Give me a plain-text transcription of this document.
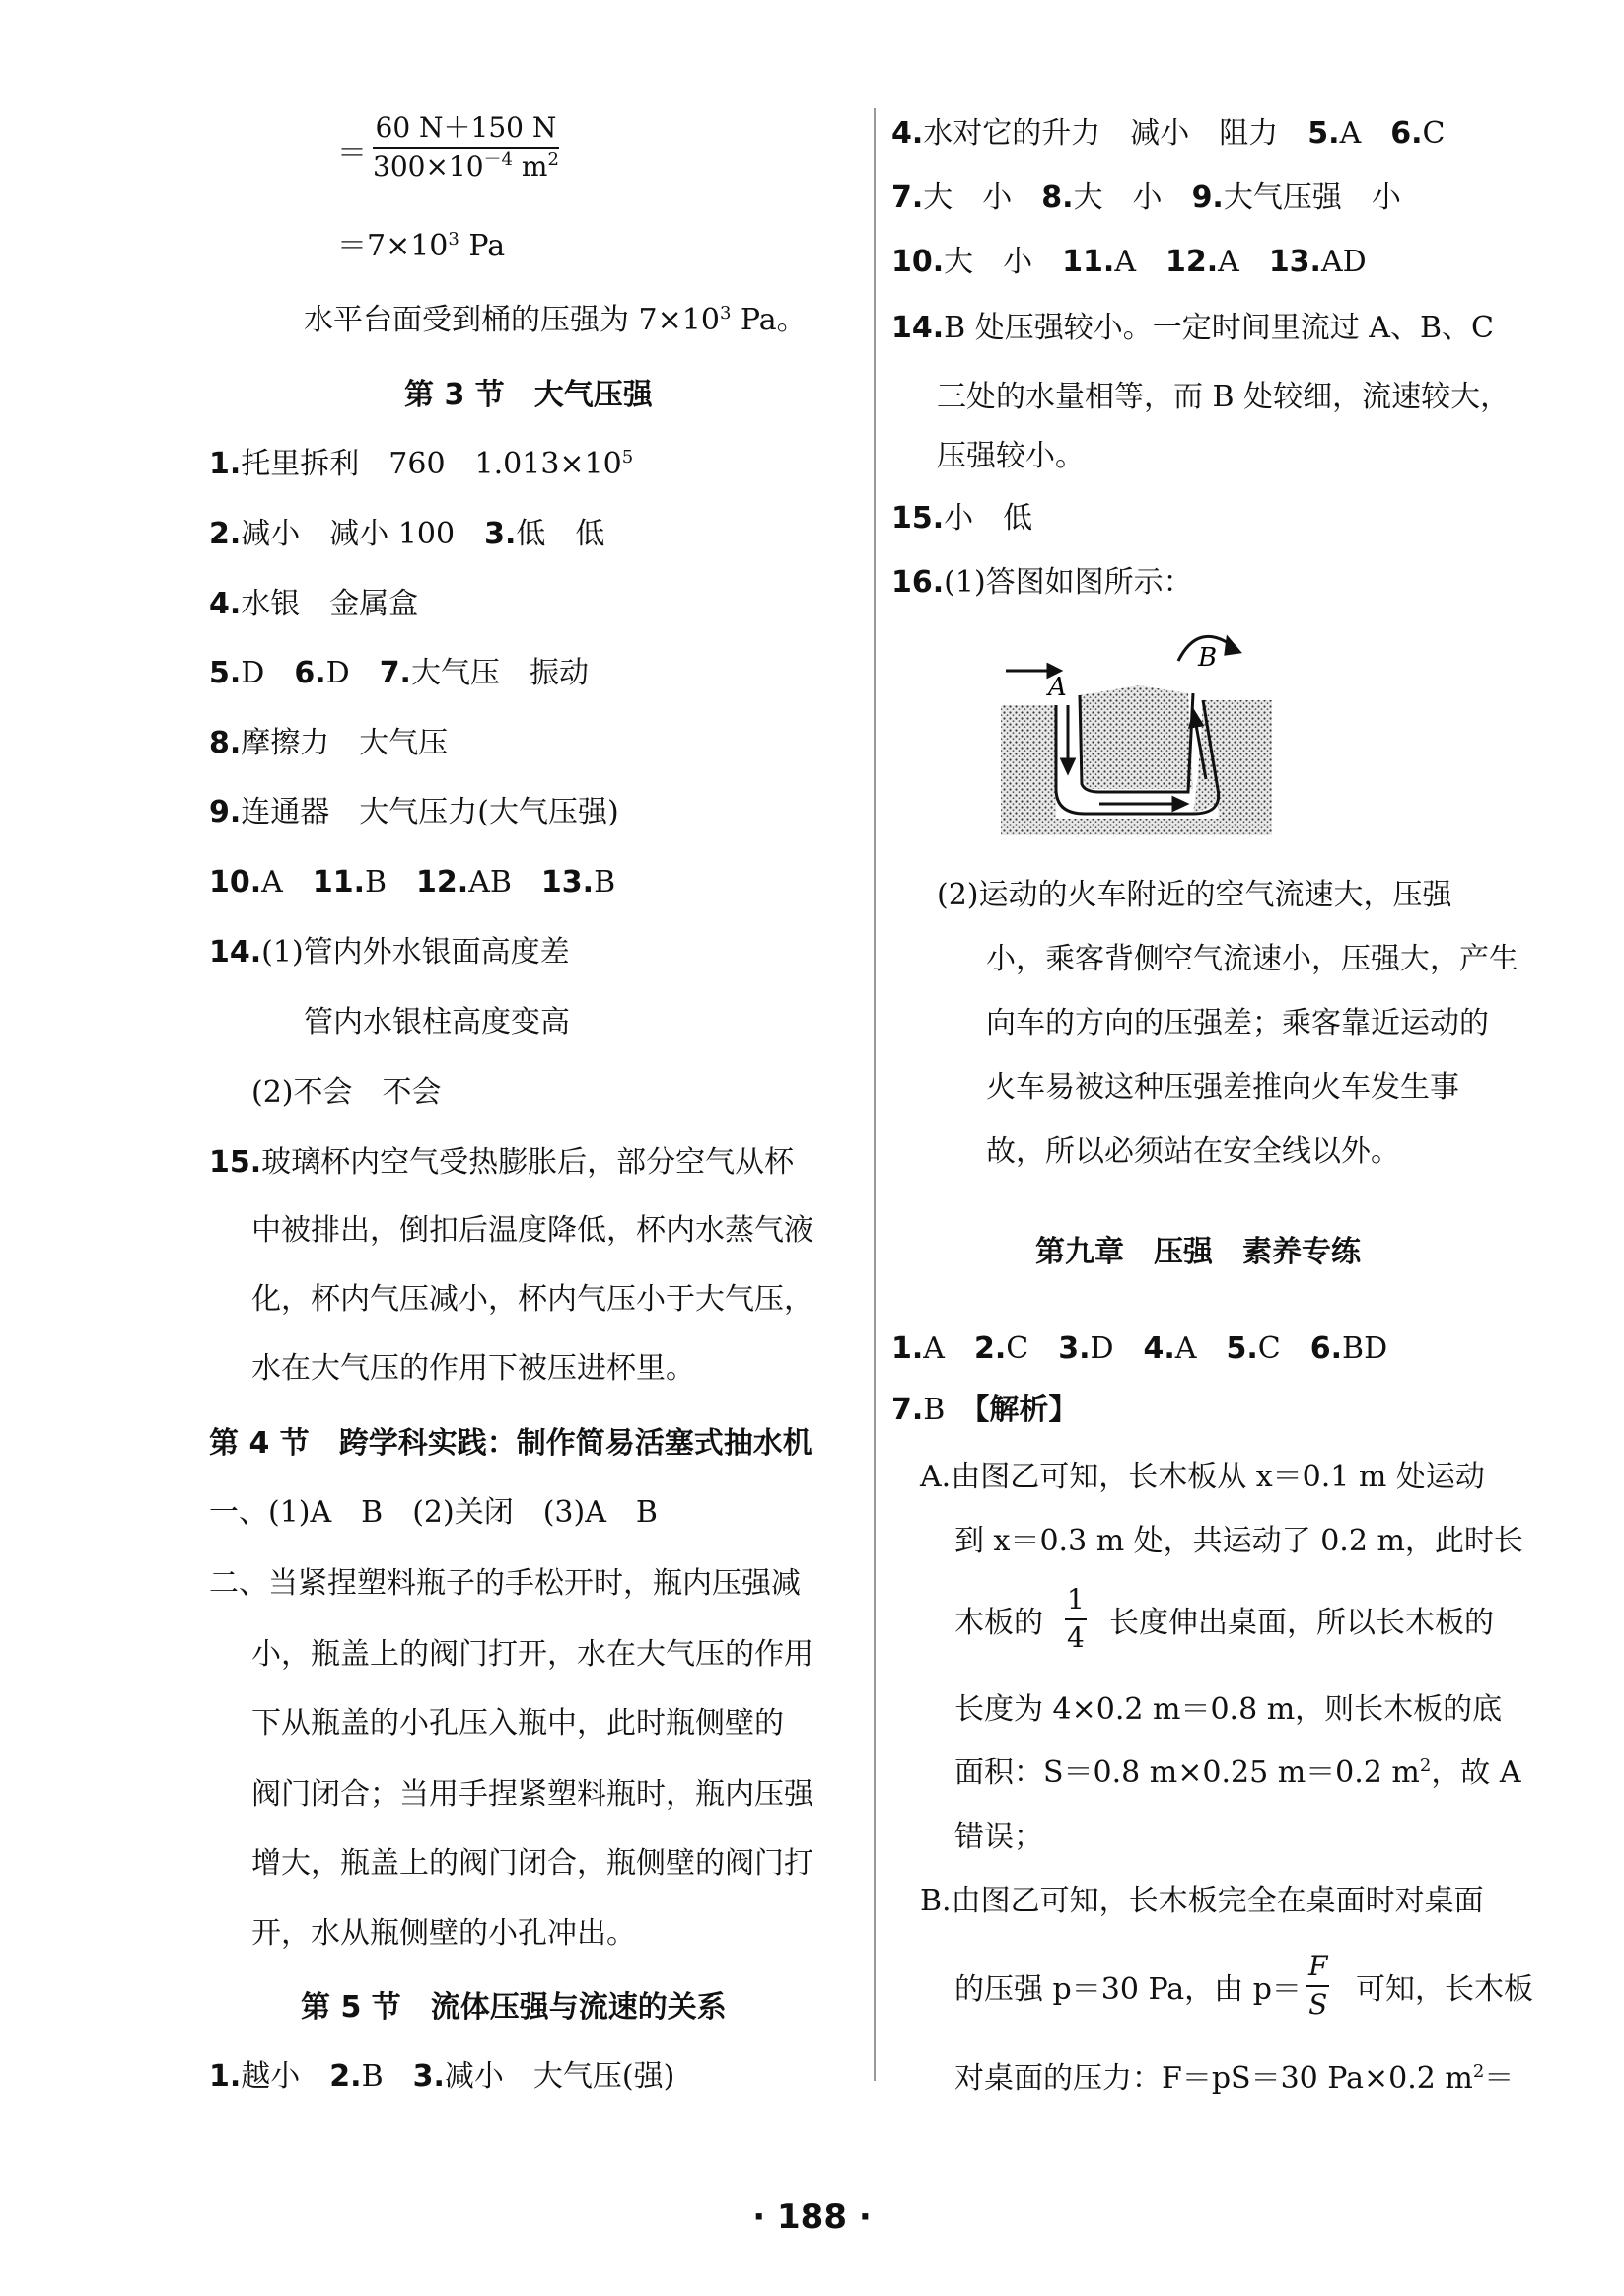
＝ $\frac{60 N+150 N}{300\times 10^{-4} m^2}$
$=7\times 10^3$ Pa
水平台面受到桶的压强为 $7\times 10^3$ Pa。
第 3 节　大气压强
1.托里拆利　760　$1.013\times 10^5$
2.减小　减小 100　 3.低　低
4.水银　金属盒
5.D　 6.D　 7.大气压　振动
8.摩擦力　大气压
9.连通器　大气压力(大气压强)
10.A　 11.B　 12.AB　 13.B
14.(1)管内外水银面高度差
管内水银柱高度变高
(2)不会　不会
15.玻璃杯内空气受热膨胀后，部分空气从杯
中被排出，倒扣后温度降低，杯内水蒸气液
化，杯内气压减小，杯内气压小于大气压，
水在大气压的作用下被压进杯里。
第 4 节　跨学科实践：制作简易活塞式抽水机
一、(1)A　B　(2)关闭　(3)A　B
二、当紧捏塑料瓶子的手松开时，瓶内压强减
小，瓶盖上的阀门打开，水在大气压的作用
下从瓶盖的小孔压入瓶中，此时瓶侧壁的
阀门闭合；当用手捏紧塑料瓶时，瓶内压强
增大，瓶盖上的阀门闭合，瓶侧壁的阀门打
开，水从瓶侧壁的小孔冲出。
第 5 节　流体压强与流速的关系
1.越小　 2.B　 3.减小　大气压(强)
4.水对它的升力　减小　阻力　 5.A　 6.C
7.大　小　 8.大　小　 9.大气压强　小
10.大　小　 11.A　 12.A　 13.AD
14.B 处压强较小。一定时间里流过 A、B、C
三处的水量相等，而 B 处较细，流速较大，
压强较小。
15.小　低
16.(1)答图如图所示：
A
B
(2)运动的火车附近的空气流速大，压强
小，乘客背侧空气流速小，压强大，产生
向车的方向的压强差；乘客靠近运动的
火车易被这种压强差推向火车发生事
故，所以必须站在安全线以外。
第九章　压强　素养专练
1.A　 2.C　 3.D　 4.A　 5.C　 6.BD
7.B　 【解析】
A.由图乙可知，长木板从 x＝0.1 m 处运动
到 x＝0.3 m 处，共运动了 0.2 m，此时长
木板的 $\frac{1}{4}$ 长度伸出桌面，所以长木板的
长度为 4×0.2 m＝0.8 m，则长木板的底
面积：S＝0.8 m×0.25 m＝0.2 $m^2$，故 A
错误；
B.由图乙可知，长木板完全在桌面时对桌面
的压强 p＝30 Pa，由 $p= \frac{F}{S}$ 可知，长木板
对桌面的压力：F＝pS＝30 Pa×0.2 $m^2=$
· 188 ·
